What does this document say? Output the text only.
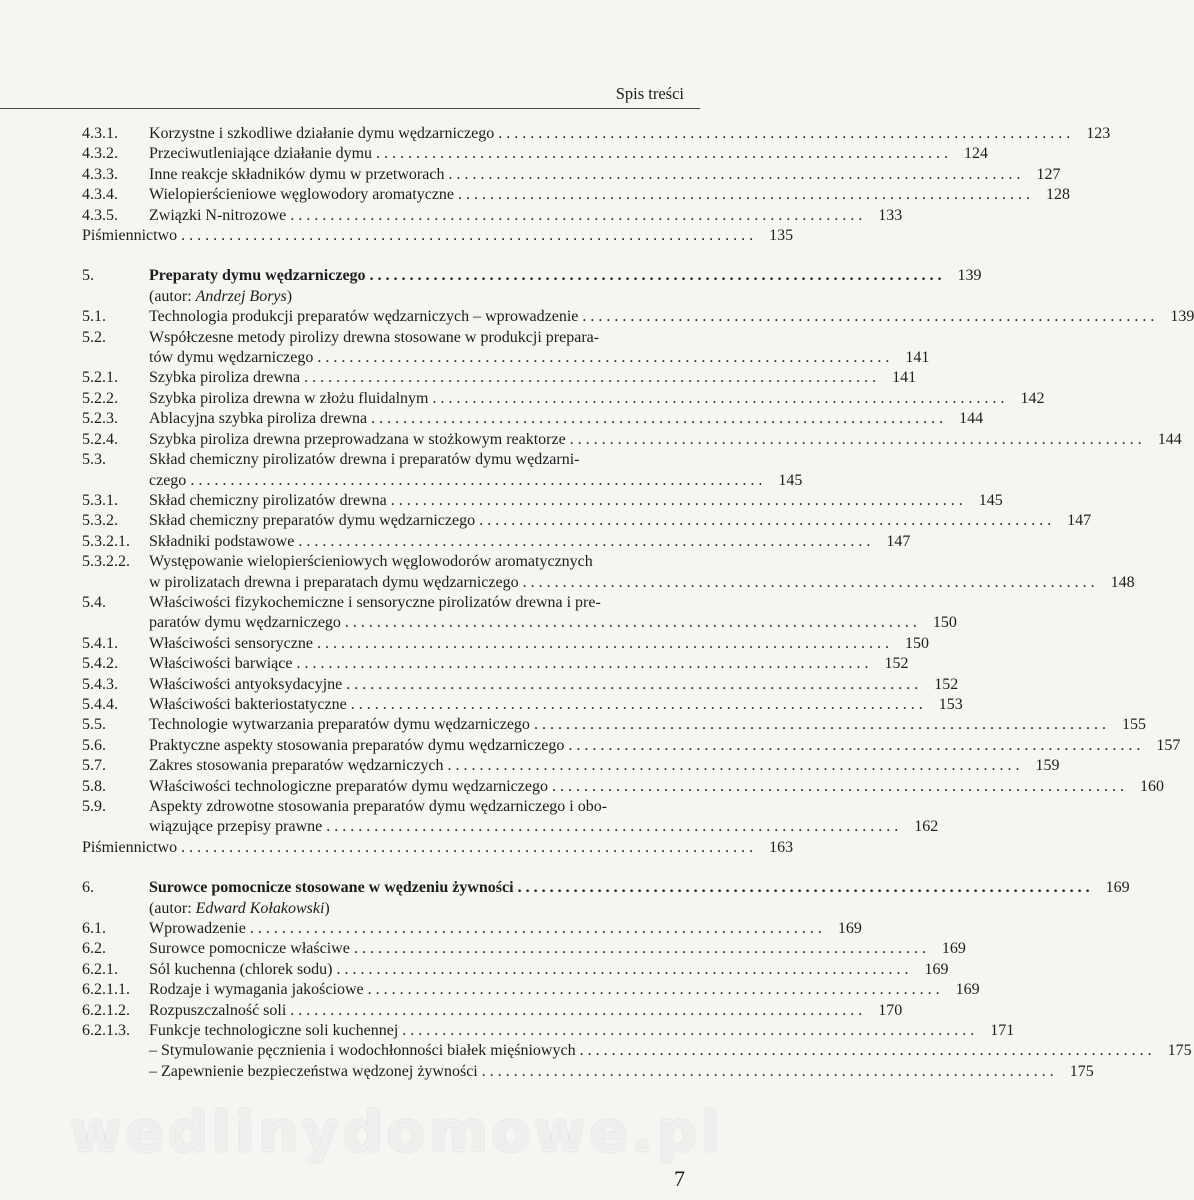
Spis treści
4.3.1.	Korzystne i szkodliwe działanie dymu wędzarniczego . . .	123
4.3.2.	Przeciwutleniające działanie dymu . . .	124
4.3.3.	Inne reakcje składników dymu w przetworach . . .	127
4.3.4.	Wielopierścieniowe węglowodory aromatyczne . . .	128
4.3.5.	Związki N-nitrozowe . . .	133
Piśmiennictwo . . .	135
5.	Preparaty dymu wędzarniczego . . .	139
(autor: Andrzej Borys)
5.1.	Technologia produkcji preparatów wędzarniczych – wprowadzenie . . .	139
5.2.	Współczesne metody pirolizy drewna stosowane w produkcji prepara-
tów dymu wędzarniczego . . .	141
5.2.1.	Szybka piroliza drewna . . .	141
5.2.2.	Szybka piroliza drewna w złożu fluidalnym . . .	142
5.2.3.	Ablacyjna szybka piroliza drewna . . .	144
5.2.4.	Szybka piroliza drewna przeprowadzana w stożkowym reaktorze . . .	144
5.3.	Skład chemiczny pirolizatów drewna i preparatów dymu wędzarni-
czego . . .	145
5.3.1.	Skład chemiczny pirolizatów drewna . . .	145
5.3.2.	Skład chemiczny preparatów dymu wędzarniczego . . .	147
5.3.2.1.	Składniki podstawowe . . .	147
5.3.2.2.	Występowanie wielopierścieniowych węglowodorów aromatycznych
w pirolizatach drewna i preparatach dymu wędzarniczego . . .	148
5.4.	Właściwości fizykochemiczne i sensoryczne pirolizatów drewna i pre-
paratów dymu wędzarniczego . . .	150
5.4.1.	Właściwości sensoryczne . . .	150
5.4.2.	Właściwości barwiące . . .	152
5.4.3.	Właściwości antyoksydacyjne . . .	152
5.4.4.	Właściwości bakteriostatyczne . . .	153
5.5.	Technologie wytwarzania preparatów dymu wędzarniczego . . .	155
5.6.	Praktyczne aspekty stosowania preparatów dymu wędzarniczego . . .	157
5.7.	Zakres stosowania preparatów wędzarniczych . . .	159
5.8.	Właściwości technologiczne preparatów dymu wędzarniczego . . .	160
5.9.	Aspekty zdrowotne stosowania preparatów dymu wędzarniczego i obo-
wiązujące przepisy prawne . . .	162
Piśmiennictwo . . .	163
6.	Surowce pomocnicze stosowane w wędzeniu żywności . . .	169
(autor: Edward Kołakowski)
6.1.	Wprowadzenie . . .	169
6.2.	Surowce pomocnicze właściwe . . .	169
6.2.1.	Sól kuchenna (chlorek sodu) . . .	169
6.2.1.1.	Rodzaje i wymagania jakościowe . . .	169
6.2.1.2.	Rozpuszczalność soli . . .	170
6.2.1.3.	Funkcje technologiczne soli kuchennej . . .	171
– Stymulowanie pęcznienia i wodochłonności białek mięśniowych . . .	175
– Zapewnienie bezpieczeństwa wędzonej żywności . . .	175
wedlinydomowe.pl
7
